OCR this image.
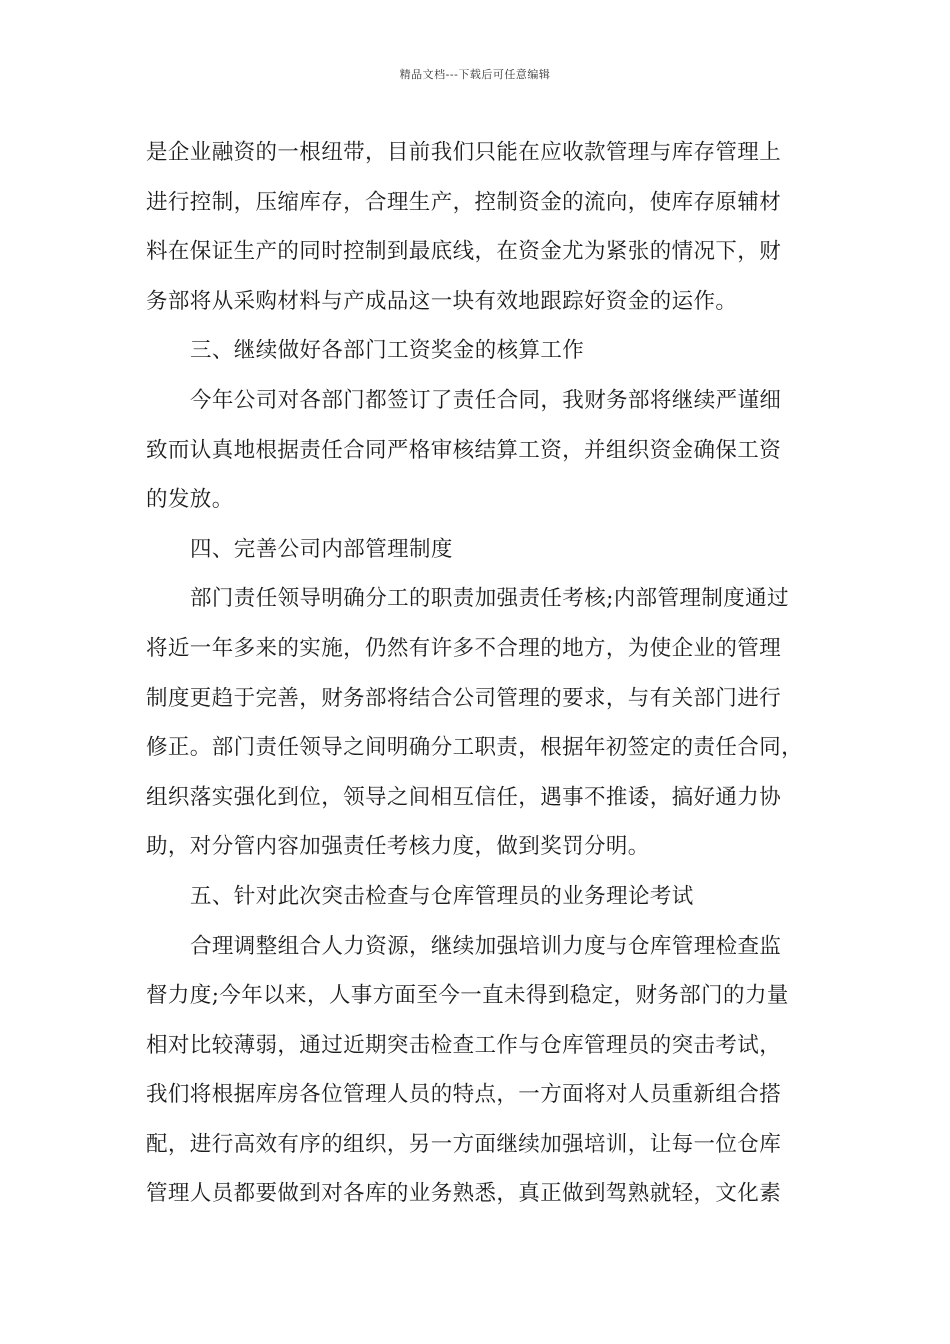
精品文档---下载后可任意编辑
是企业融资的一根纽带，目前我们只能在应收款管理与库存管理上
进行控制，压缩库存，合理生产，控制资金的流向，使库存原辅材
料在保证生产的同时控制到最底线，在资金尤为紧张的情况下，财
务部将从采购材料与产成品这一块有效地跟踪好资金的运作。
三、继续做好各部门工资奖金的核算工作
今年公司对各部门都签订了责任合同，我财务部将继续严谨细
致而认真地根据责任合同严格审核结算工资，并组织资金确保工资
的发放。
四、完善公司内部管理制度
部门责任领导明确分工的职责加强责任考核;内部管理制度通过
将近一年多来的实施，仍然有许多不合理的地方，为使企业的管理
制度更趋于完善，财务部将结合公司管理的要求，与有关部门进行
修正。部门责任领导之间明确分工职责，根据年初签定的责任合同，
组织落实强化到位，领导之间相互信任，遇事不推诿，搞好通力协
助，对分管内容加强责任考核力度，做到奖罚分明。
五、针对此次突击检查与仓库管理员的业务理论考试
合理调整组合人力资源，继续加强培训力度与仓库管理检查监
督力度;今年以来，人事方面至今一直未得到稳定，财务部门的力量
相对比较薄弱，通过近期突击检查工作与仓库管理员的突击考试，
我们将根据库房各位管理人员的特点，一方面将对人员重新组合搭
配，进行高效有序的组织，另一方面继续加强培训，让每一位仓库
管理人员都要做到对各库的业务熟悉，真正做到驾熟就轻，文化素
